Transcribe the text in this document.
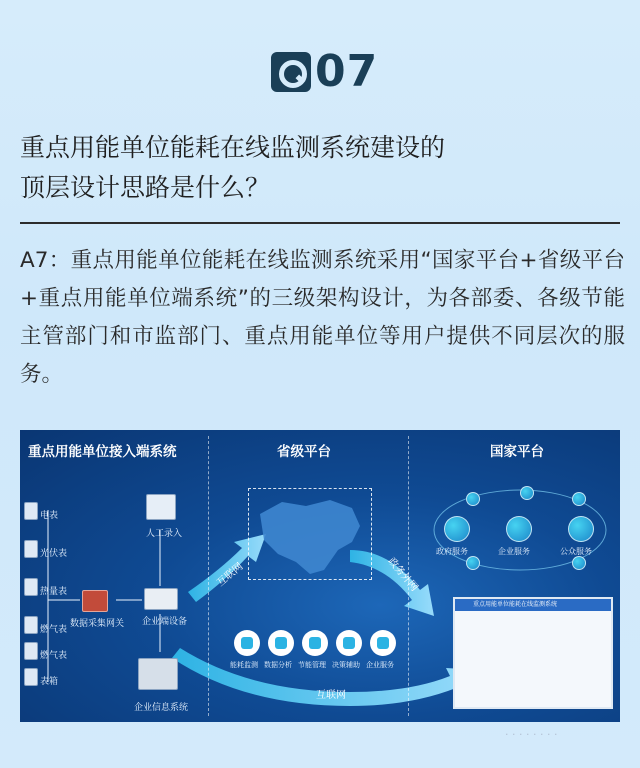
07
重点用能单位能耗在线监测系统建设的
顶层设计思路是什么？
A7：重点用能单位能耗在线监测系统采用“国家平台+省级平台+重点用能单位端系统”的三级架构设计，为各部委、各级节能主管部门和市监部门、重点用能单位等用户提供不同层次的服务。
重点用能单位接入端系统	省级平台	国家平台
电表
光伏表
热量表
燃气表
燃气表
表箱
数据采集网关
人工录入
企业端设备
企业信息系统
能耗监测 数据分析 节能管理 决策辅助 企业服务
互联网	政务外网
互联网
政府服务	企业服务	公众服务
重点用能单位能耗在线监测系统
· · · · · · · ·
